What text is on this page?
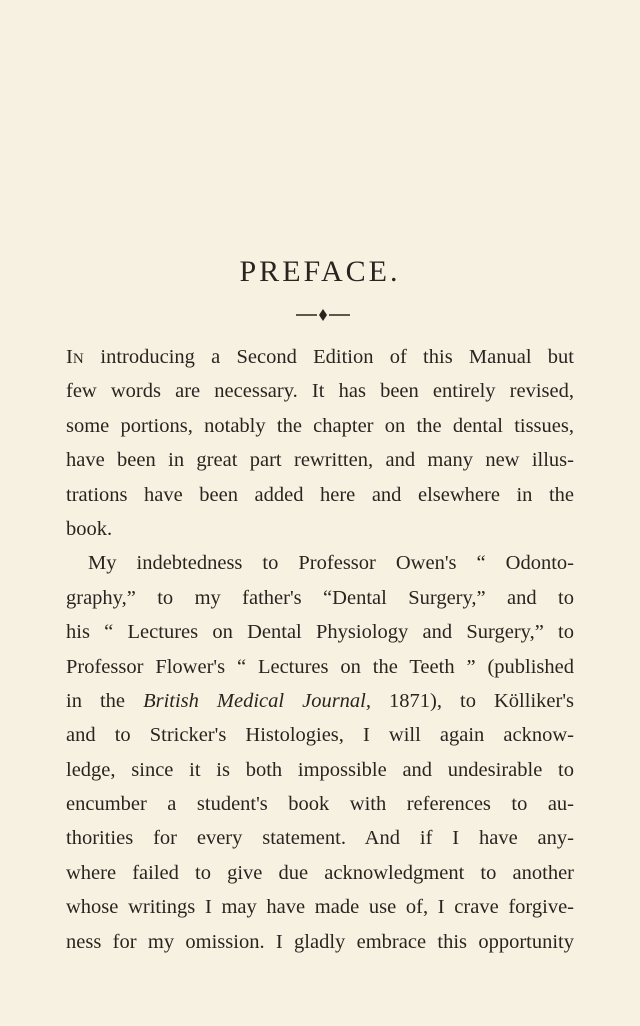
PREFACE.
IN introducing a Second Edition of this Manual but
few words are necessary. It has been entirely revised,
some portions, notably the chapter on the dental tissues,
have been in great part rewritten, and many new illus-
trations have been added here and elsewhere in the
book.
My indebtedness to Professor Owen's “ Odonto-
graphy,” to my father's “Dental Surgery,” and to
his “ Lectures on Dental Physiology and Surgery,” to
Professor Flower's “ Lectures on the Teeth ” (published
in the British Medical Journal, 1871), to Kölliker's
and to Stricker's Histologies, I will again acknow-
ledge, since it is both impossible and undesirable to
encumber a student's book with references to au-
thorities for every statement. And if I have any-
where failed to give due acknowledgment to another
whose writings I may have made use of, I crave forgive-
ness for my omission. I gladly embrace this opportunity
